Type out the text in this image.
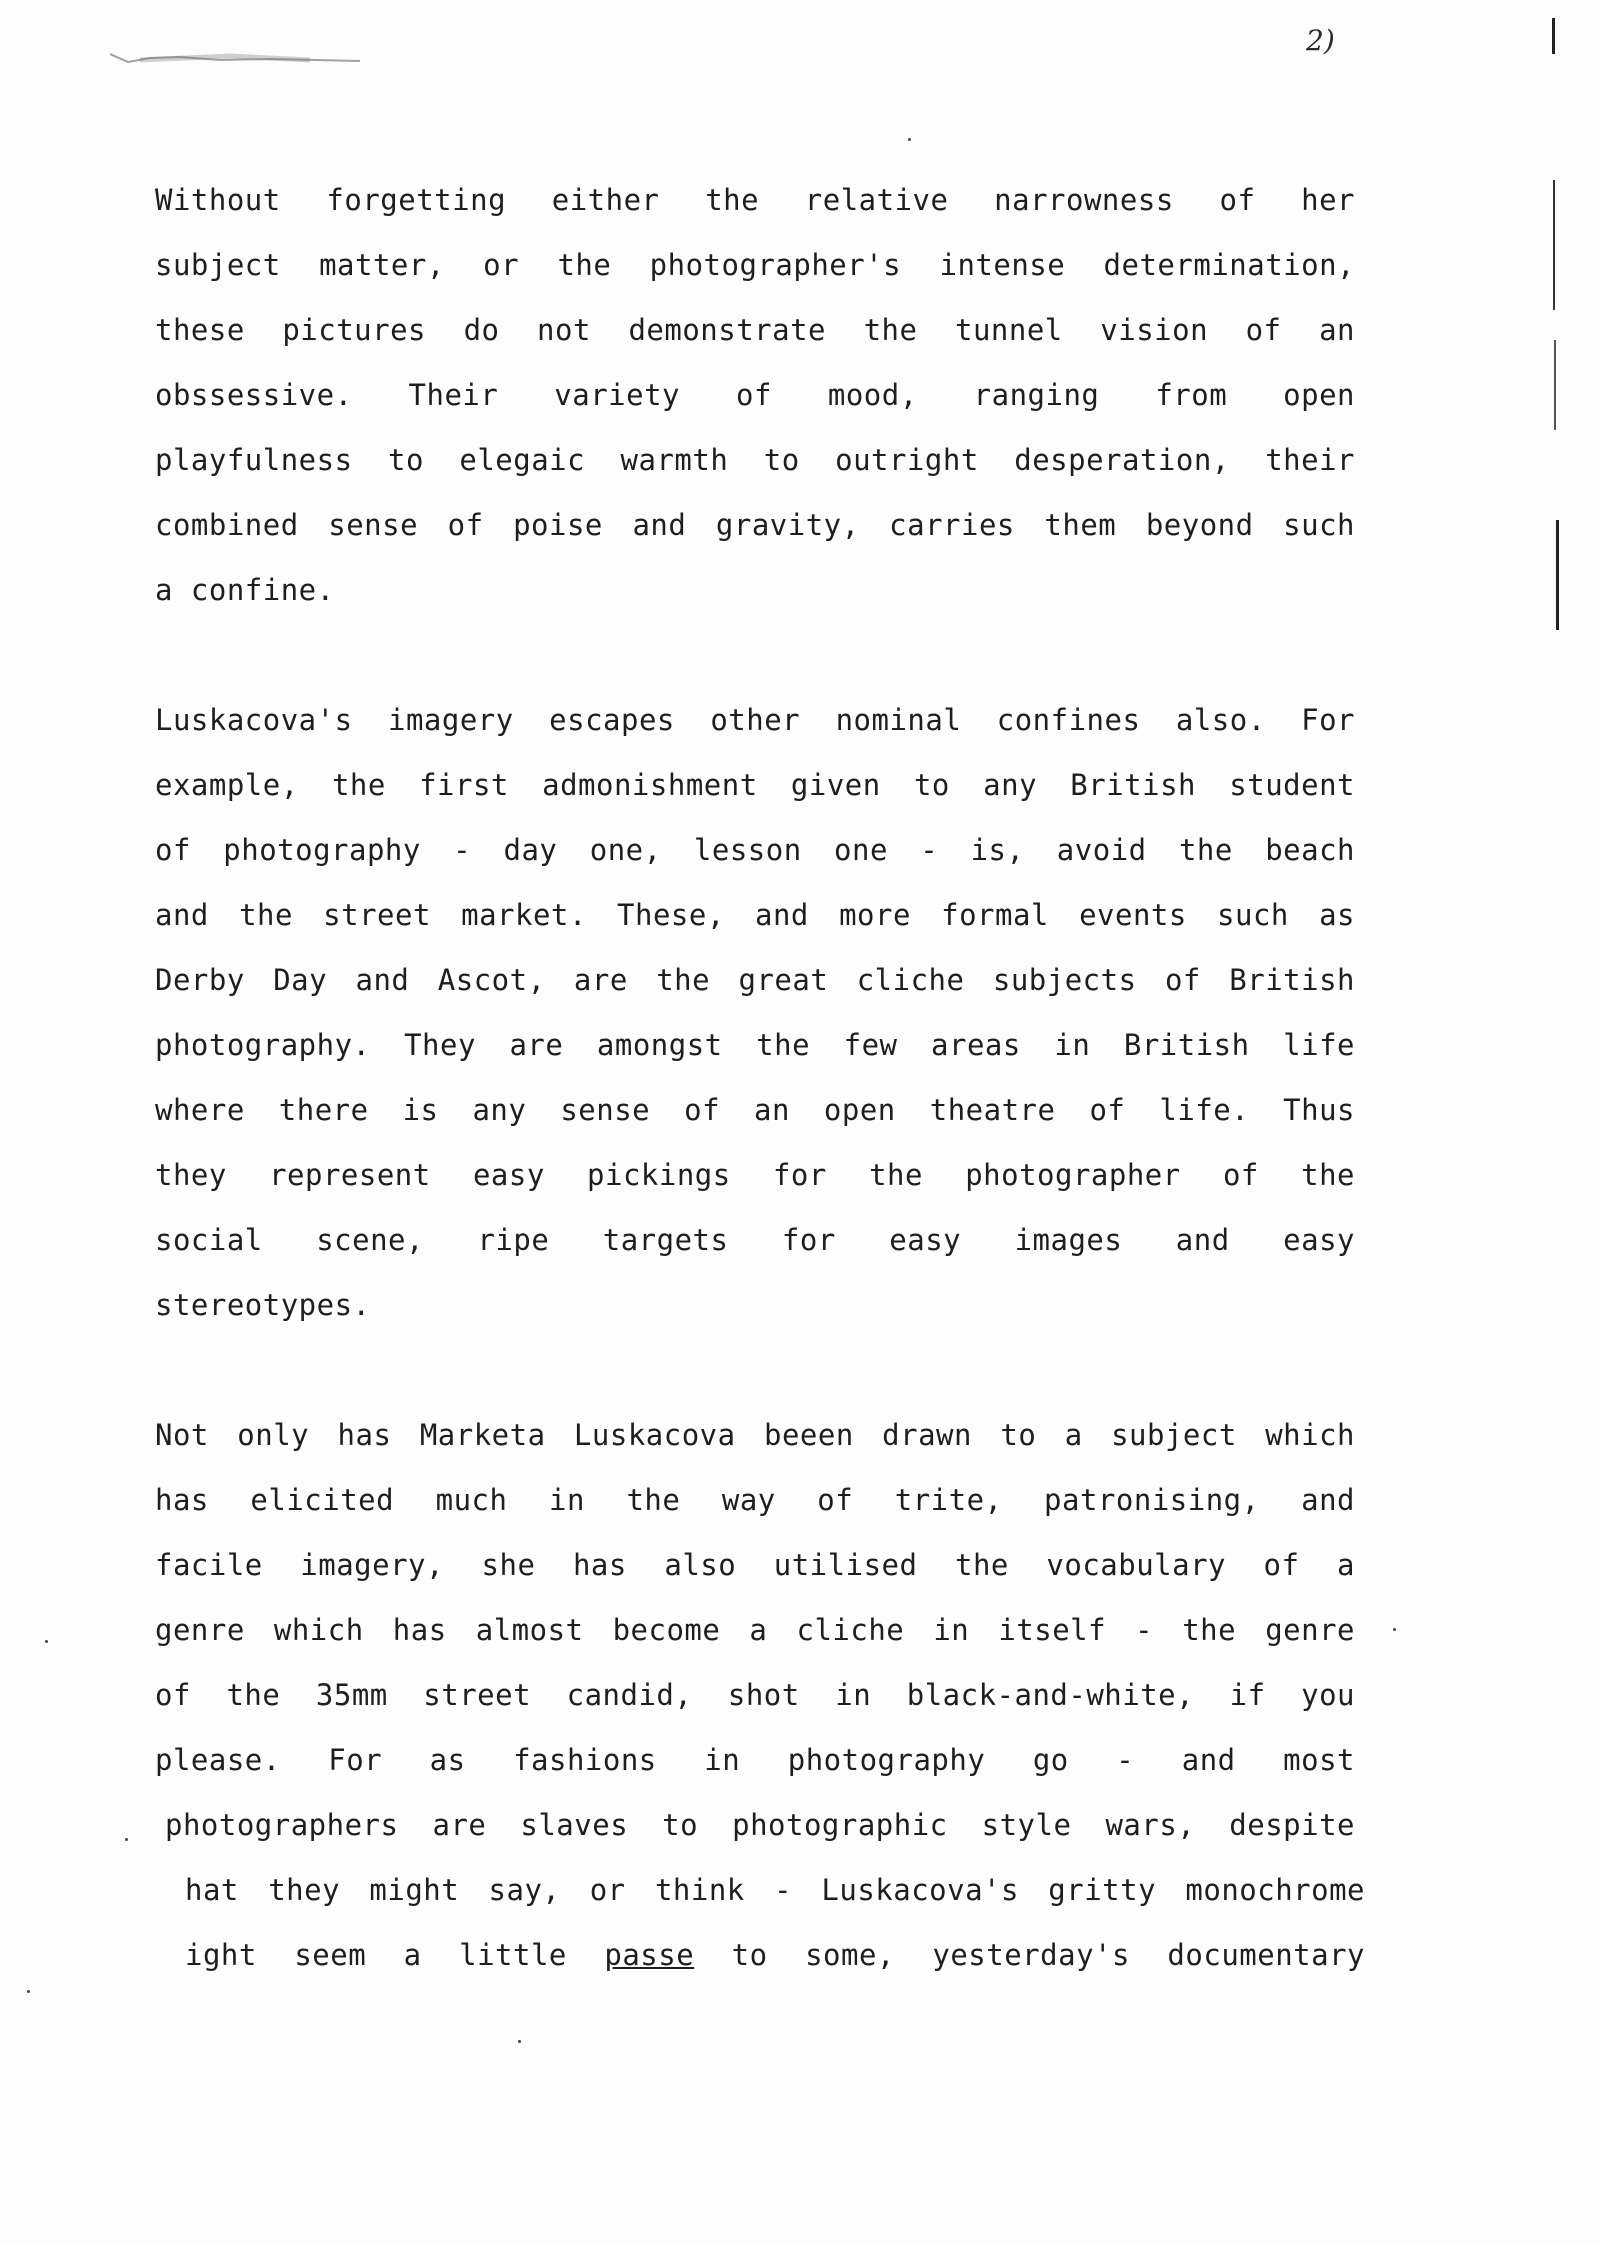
2)
Without forgetting either the relative narrowness of her
subject matter, or the photographer's intense determination,
these pictures do not demonstrate the tunnel vision of an
obssessive. Their variety of mood, ranging from open
playfulness to elegaic warmth to outright desperation, their
combined sense of poise and gravity, carries them beyond such
a confine.
Luskacova's imagery escapes other nominal confines also. For
example, the first admonishment given to any British student
of photography - day one, lesson one - is, avoid the beach
and the street market. These, and more formal events such as
Derby Day and Ascot, are the great cliche subjects of British
photography. They are amongst the few areas in British life
where there is any sense of an open theatre of life. Thus
they represent easy pickings for the photographer of the
social scene, ripe targets for easy images and easy
stereotypes.
Not only has Marketa Luskacova beeen drawn to a subject which
has elicited much in the way of trite, patronising, and
facile imagery, she has also utilised the vocabulary of a
genre which has almost become a cliche in itself - the genre
of the 35mm street candid, shot in black-and-white, if you
please. For as fashions in photography go - and most
photographers are slaves to photographic style wars, despite
hat they might say, or think - Luskacova's gritty monochrome
ight seem a little passe to some, yesterday's documentary
